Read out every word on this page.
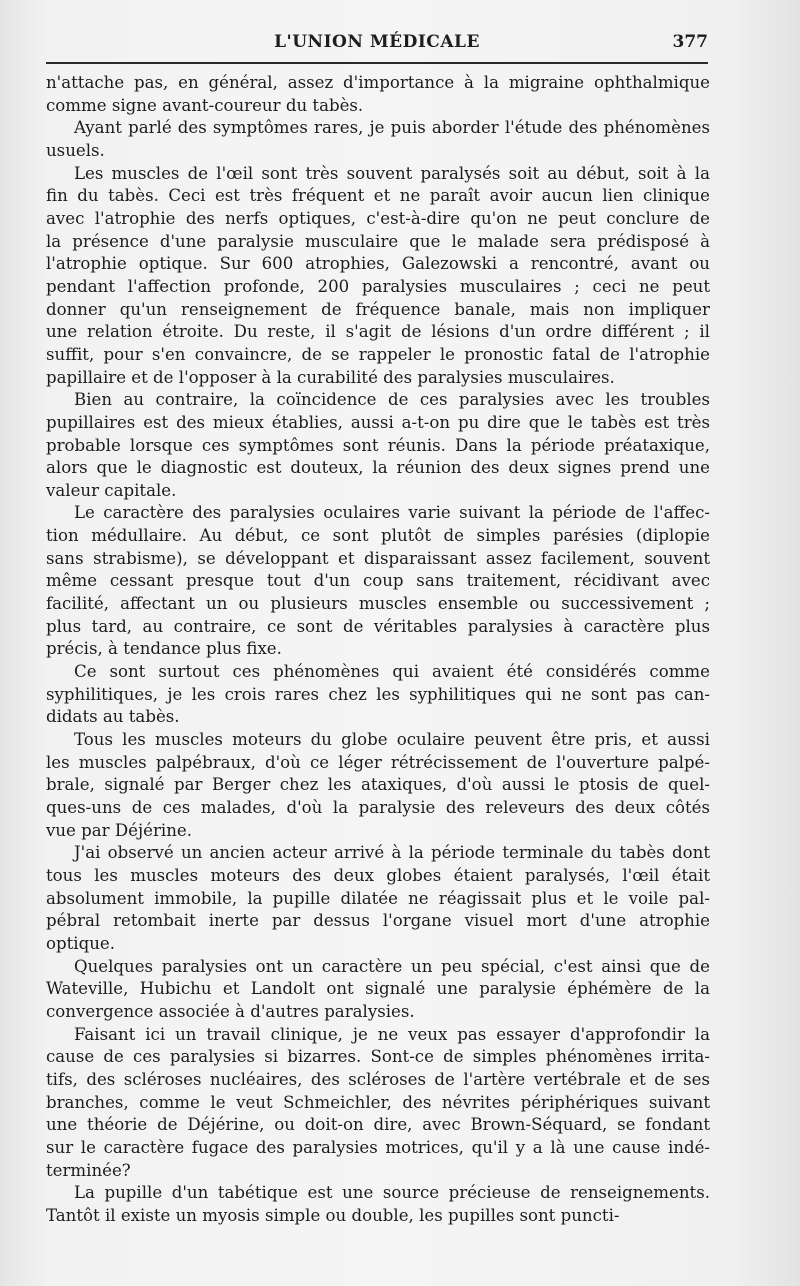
L'UNION MÉDICALE	377

n'attache pas, en général, assez d'importance à la migraine ophthalmique
comme signe avant-coureur du tabès.

Ayant parlé des symptômes rares, je puis aborder l'étude des phénomènes
usuels.

Les muscles de l'œil sont très souvent paralysés soit au début, soit à la
fin du tabès. Ceci est très fréquent et ne paraît avoir aucun lien clinique
avec l'atrophie des nerfs optiques, c'est-à-dire qu'on ne peut conclure de
la présence d'une paralysie musculaire que le malade sera prédisposé à
l'atrophie optique. Sur 600 atrophies, Galezowski a rencontré, avant ou
pendant l'affection profonde, 200 paralysies musculaires ; ceci ne peut
donner qu'un renseignement de fréquence banale, mais non impliquer
une relation étroite. Du reste, il s'agit de lésions d'un ordre différent ; il
suffit, pour s'en convaincre, de se rappeler le pronostic fatal de l'atrophie
papillaire et de l'opposer à la curabilité des paralysies musculaires.

Bien au contraire, la coïncidence de ces paralysies avec les troubles
pupillaires est des mieux établies, aussi a-t-on pu dire que le tabès est très
probable lorsque ces symptômes sont réunis. Dans la période préataxique,
alors que le diagnostic est douteux, la réunion des deux signes prend une
valeur capitale.

Le caractère des paralysies oculaires varie suivant la période de l'affec-
tion médullaire. Au début, ce sont plutôt de simples parésies (diplopie
sans strabisme), se développant et disparaissant assez facilement, souvent
même cessant presque tout d'un coup sans traitement, récidivant avec
facilité, affectant un ou plusieurs muscles ensemble ou successivement ;
plus tard, au contraire, ce sont de véritables paralysies à caractère plus
précis, à tendance plus fixe.

Ce sont surtout ces phénomènes qui avaient été considérés comme
syphilitiques, je les crois rares chez les syphilitiques qui ne sont pas can-
didats au tabès.

Tous les muscles moteurs du globe oculaire peuvent être pris, et aussi
les muscles palpébraux, d'où ce léger rétrécissement de l'ouverture palpé-
brale, signalé par Berger chez les ataxiques, d'où aussi le ptosis de quel-
ques-uns de ces malades, d'où la paralysie des releveurs des deux côtés
vue par Déjérine.

J'ai observé un ancien acteur arrivé à la période terminale du tabès dont
tous les muscles moteurs des deux globes étaient paralysés, l'œil était
absolument immobile, la pupille dilatée ne réagissait plus et le voile pal-
pébral retombait inerte par dessus l'organe visuel mort d'une atrophie
optique.

Quelques paralysies ont un caractère un peu spécial, c'est ainsi que de
Wateville, Hubichu et Landolt ont signalé une paralysie éphémère de la
convergence associée à d'autres paralysies.

Faisant ici un travail clinique, je ne veux pas essayer d'approfondir la
cause de ces paralysies si bizarres. Sont-ce de simples phénomènes irrita-
tifs, des scléroses nucléaires, des scléroses de l'artère vertébrale et de ses
branches, comme le veut Schmeichler, des névrites périphériques suivant
une théorie de Déjérine, ou doit-on dire, avec Brown-Séquard, se fondant
sur le caractère fugace des paralysies motrices, qu'il y a là une cause indé-
terminée?

La pupille d'un tabétique est une source précieuse de renseignements.
Tantôt il existe un myosis simple ou double, les pupilles sont puncti-
